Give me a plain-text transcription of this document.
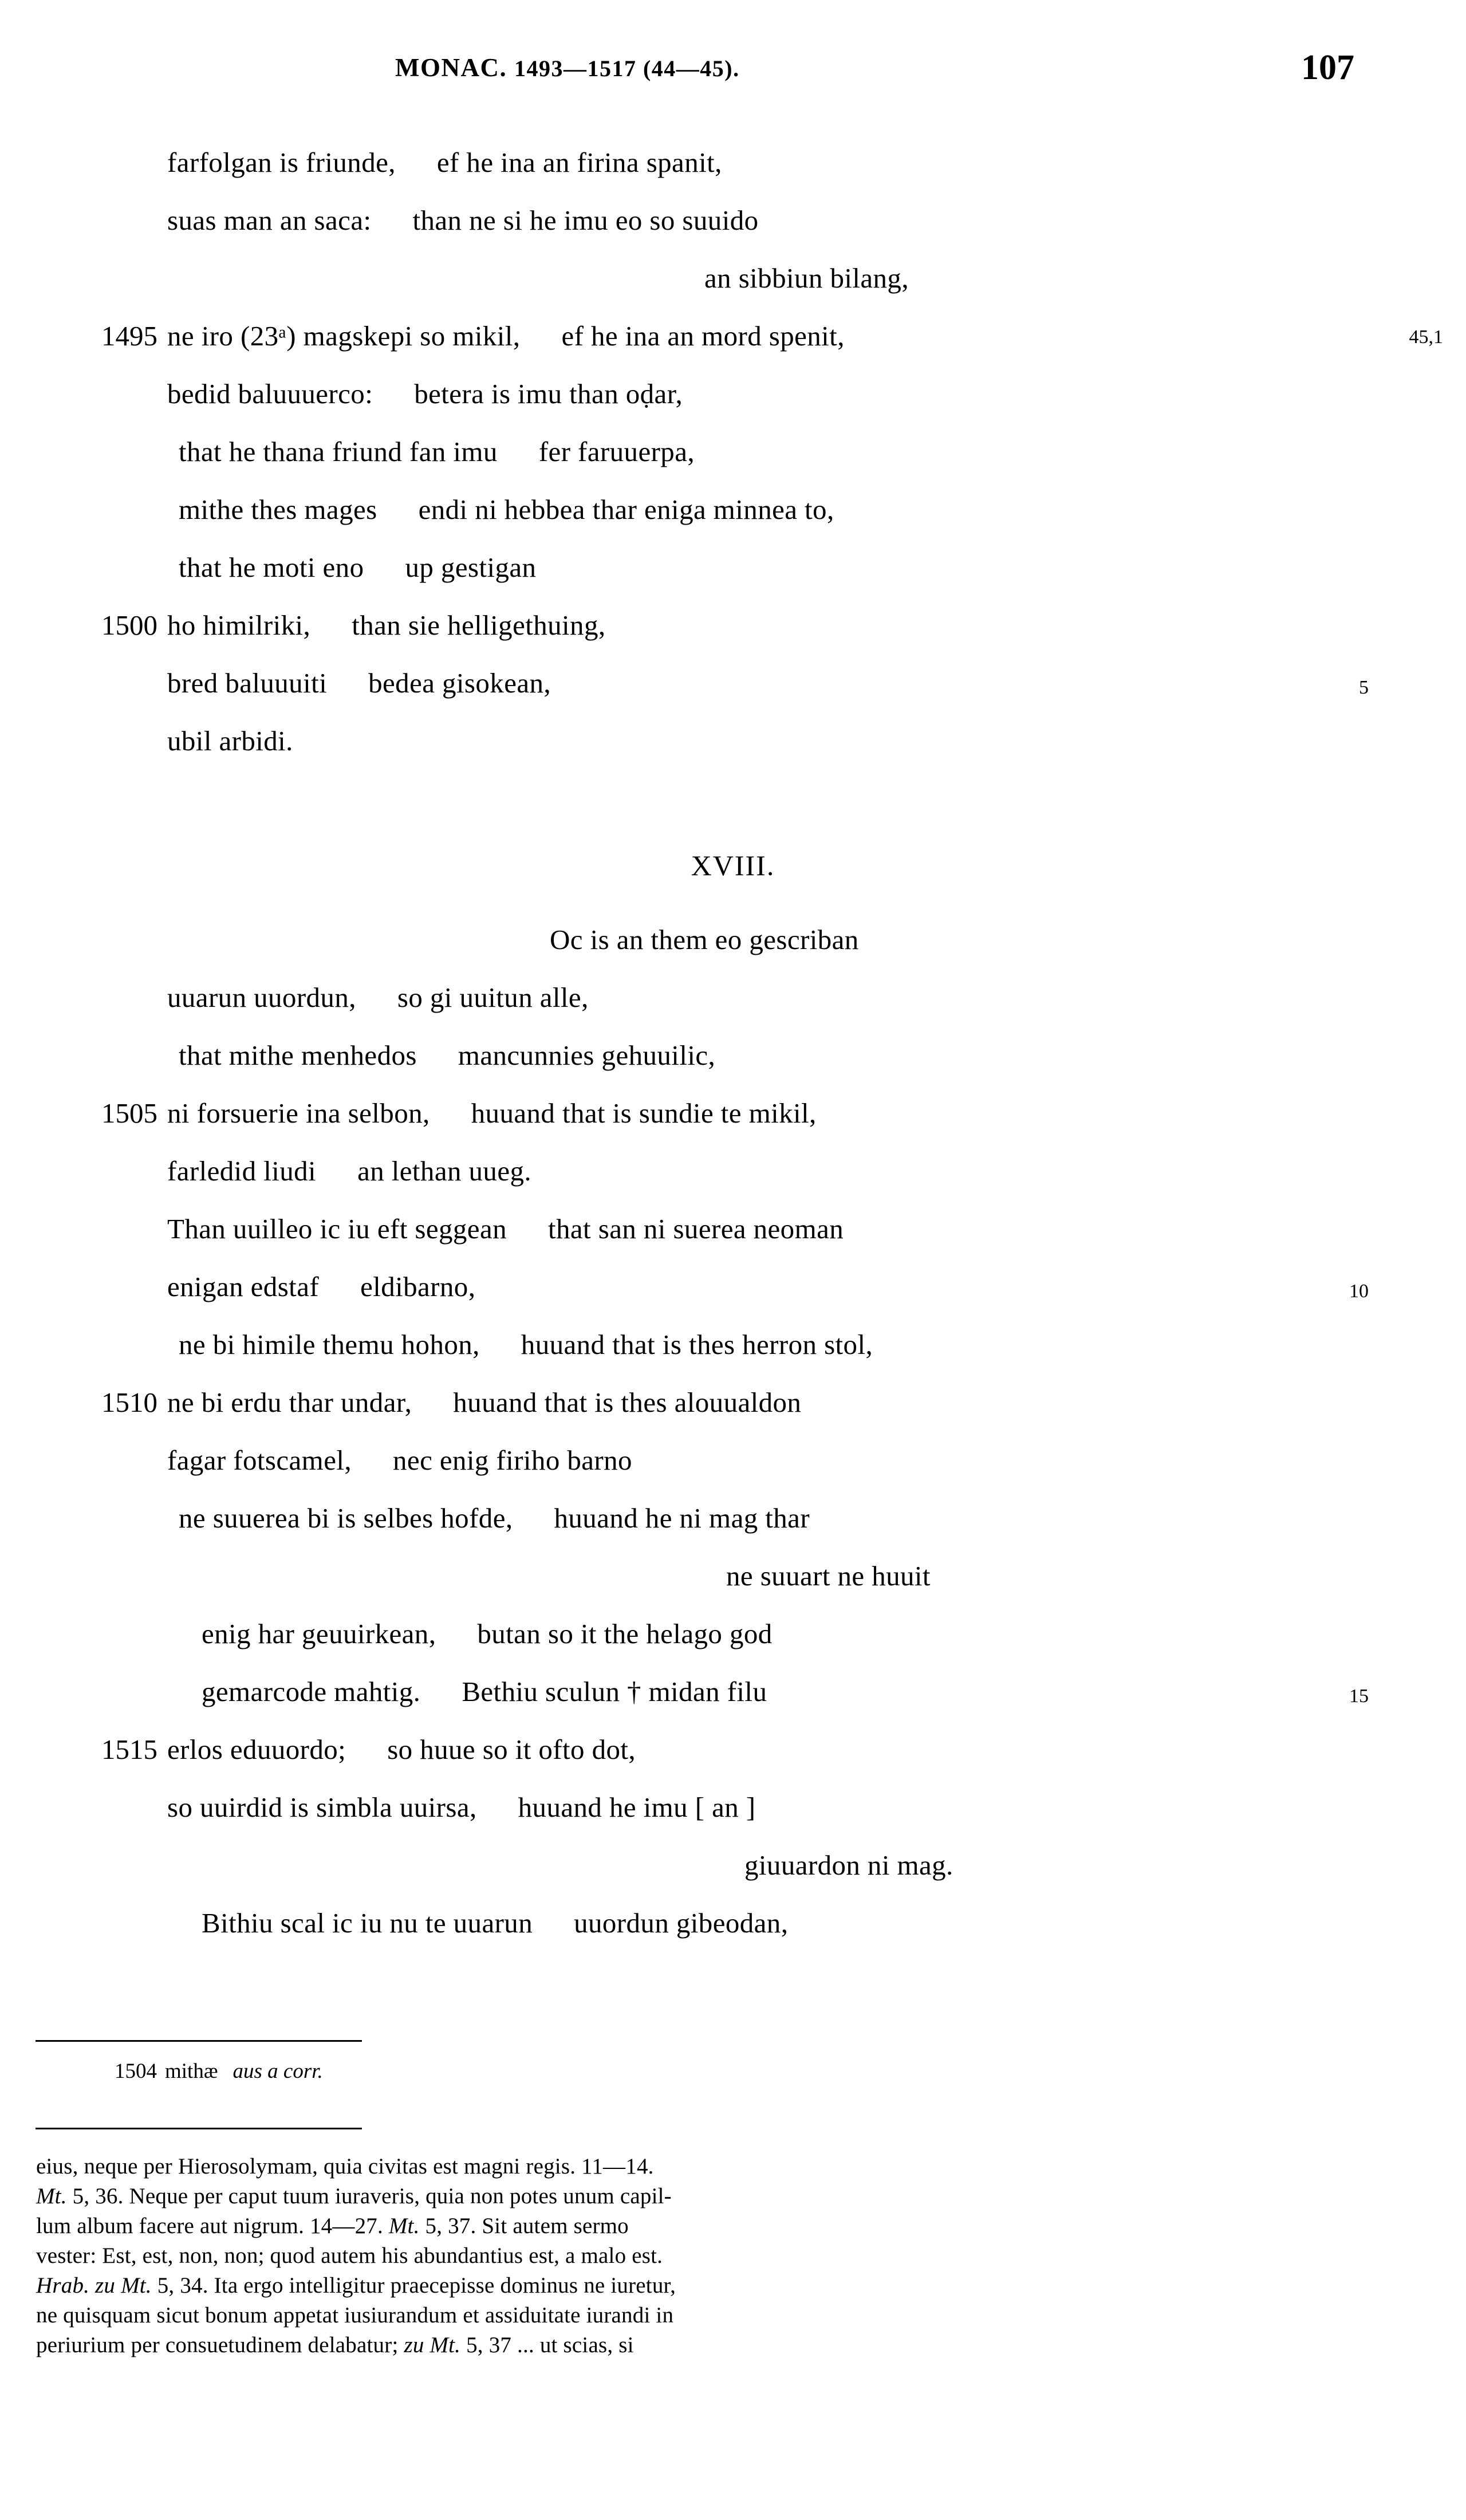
MONAC. 1493—1517 (44—45).	107
farfolgan is friunde, ef he ina an firina spanit,
suas man an saca: than ne si he imu eo so suuido
an sibbiun bilang,
1495 ne iro (23ᵃ) magskepi so mikil, ef he ina an mord spenit,	45,1
bedid baluuuerco: betera is imu than oḍar,
that he thana friund fan imu fer faruuerpa,
mithe thes mages endi ni hebbea thar eniga minnea to,
that he moti eno up gestigan
1500 ho himilriki, than sie helligethuing,
bred baluuuiti bedea gisokean,	5
ubil arbidi.
XVIII.
Oc is an them eo gescriban
uuarun uuordun, so gi uuitun alle,
that mithe menhedos mancunnies gehuuilic,
1505 ni forsuerie ina selbon, huuand that is sundie te mikil,
farledid liudi an lethan uueg.
Than uuilleo ic iu eft seggean that san ni suerea neoman
enigan edstaf eldibarno,	10
ne bi himile themu hohon, huuand that is thes herron stol,
1510 ne bi erdu thar undar, huuand that is thes alouualdon
fagar fotscamel, nec enig firiho barno
ne suuerea bi is selbes hofde, huuand he ni mag thar
ne suuart ne huuit
enig har geuuirkean, butan so it the helago god
gemarcode mahtig. Bethiu sculun † midan filu	15
1515 erlos eduuordo; so huue so it ofto dot,
so uuirdid is simbla uuirsa, huuand he imu [ an ]
giuuardon ni mag.
Bithiu scal ic iu nu te uuarun uuordun gibeodan,
1504 mithæ aus a corr.
eius, neque per Hierosolymam, quia civitas est magni regis. 11—14.
Mt. 5, 36. Neque per caput tuum iuraveris, quia non potes unum capil-
lum album facere aut nigrum. 14—27. Mt. 5, 37. Sit autem sermo
vester: Est, est, non, non; quod autem his abundantius est, a malo est.
Hrab. zu Mt. 5, 34. Ita ergo intelligitur praecepisse dominus ne iuretur,
ne quisquam sicut bonum appetat iusiurandum et assiduitate iurandi in
periurium per consuetudinem delabatur; zu Mt. 5, 37 ... ut scias, si
